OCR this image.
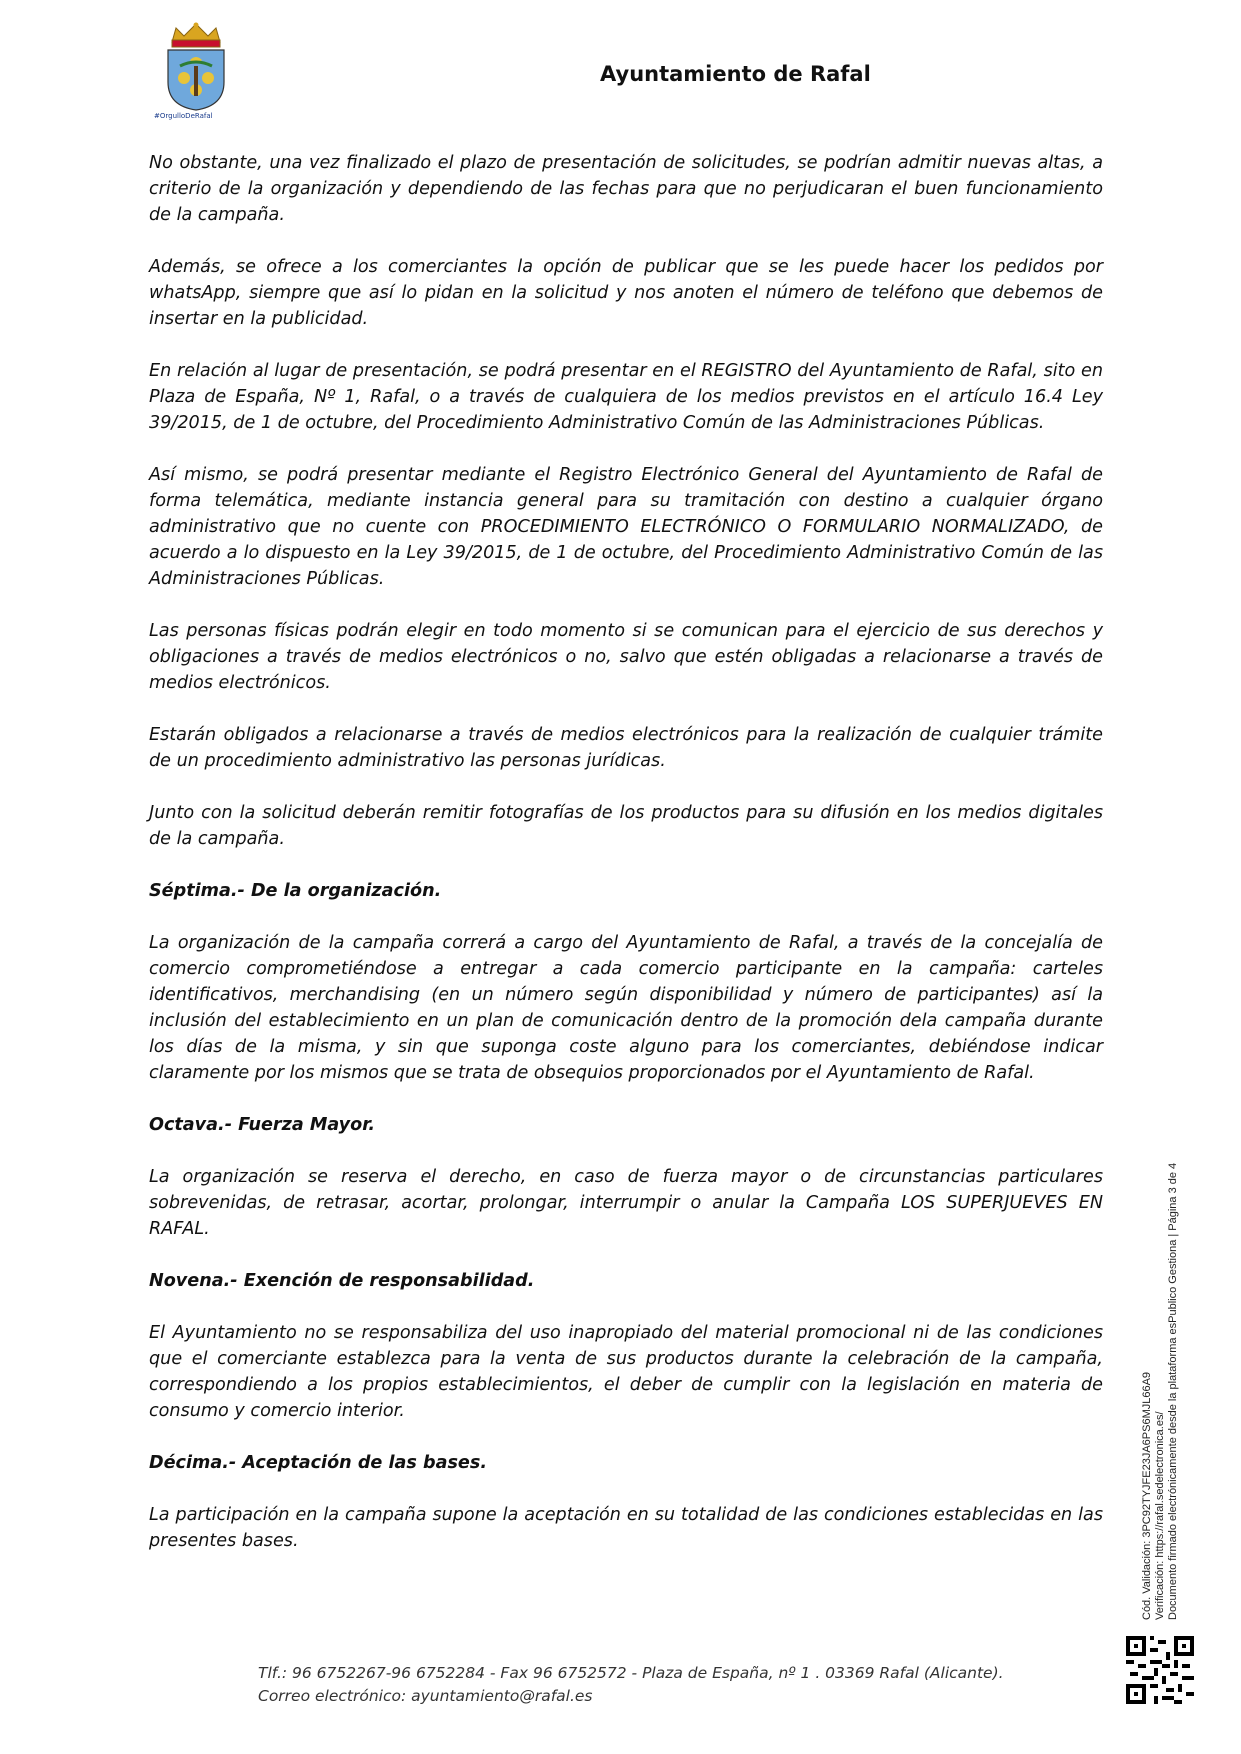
#OrgulloDeRafal
Ayuntamiento de Rafal

No obstante, una vez finalizado el plazo de presentación de solicitudes, se podrían admitir nuevas altas, a criterio de la organización y dependiendo de las fechas para que no perjudicaran el buen funcionamiento de la campaña.

Además, se ofrece a los comerciantes la opción de publicar que se les puede hacer los pedidos por whatsApp, siempre que así lo pidan en la solicitud y nos anoten el número de teléfono que debemos de insertar en la publicidad.

En relación al lugar de presentación, se podrá presentar en el REGISTRO del Ayuntamiento de Rafal, sito en Plaza de España, Nº 1, Rafal, o a través de cualquiera de los medios previstos en el artículo 16.4 Ley 39/2015, de 1 de octubre, del Procedimiento Administrativo Común de las Administraciones Públicas.

Así mismo, se podrá presentar mediante el Registro Electrónico General del Ayuntamiento de Rafal de forma telemática, mediante instancia general para su tramitación con destino a cualquier órgano administrativo que no cuente con PROCEDIMIENTO ELECTRÓNICO O FORMULARIO NORMALIZADO, de acuerdo a lo dispuesto en la Ley 39/2015, de 1 de octubre, del Procedimiento Administrativo Común de las Administraciones Públicas.

Las personas físicas podrán elegir en todo momento si se comunican para el ejercicio de sus derechos y obligaciones a través de medios electrónicos o no, salvo que estén obligadas a relacionarse a través de medios electrónicos.

Estarán obligados a relacionarse a través de medios electrónicos para la realización de cualquier trámite de un procedimiento administrativo las personas jurídicas.

Junto con la solicitud deberán remitir fotografías de los productos para su difusión en los medios digitales de la campaña.

Séptima.- De la organización.

La organización de la campaña correrá a cargo del Ayuntamiento de Rafal, a través de la concejalía de comercio comprometiéndose a entregar a cada comercio participante en la campaña: carteles identificativos, merchandising (en un número según disponibilidad y número de participantes) así la inclusión del establecimiento en un plan de comunicación dentro de la promoción dela campaña durante los días de la misma, y sin que suponga coste alguno para los comerciantes, debiéndose indicar claramente por los mismos que se trata de obsequios proporcionados por el Ayuntamiento de Rafal.

Octava.- Fuerza Mayor.

La organización se reserva el derecho, en caso de fuerza mayor o de circunstancias particulares sobrevenidas, de retrasar, acortar, prolongar, interrumpir o anular la Campaña LOS SUPERJUEVES EN RAFAL.

Novena.- Exención de responsabilidad.

El Ayuntamiento no se responsabiliza del uso inapropiado del material promocional ni de las condiciones que el comerciante establezca para la venta de sus productos durante la celebración de la campaña, correspondiendo a los propios establecimientos, el deber de cumplir con la legislación en materia de consumo y comercio interior.

Décima.- Aceptación de las bases.

La participación en la campaña supone la aceptación en su totalidad de las condiciones establecidas en las presentes bases.	Cód. Validación: 3PC92TYJFE23JA6PS6MJL66A9 Verificación: https://rafal.sedelectronica.es/ Documento firmado electrónicamente desde la plataforma esPublico Gestiona | Página 3 de 4
Tlf.: 96 6752267-96 6752284 - Fax 96 6752572 - Plaza de España, nº 1 . 03369 Rafal (Alicante).
Correo electrónico: ayuntamiento@rafal.es
